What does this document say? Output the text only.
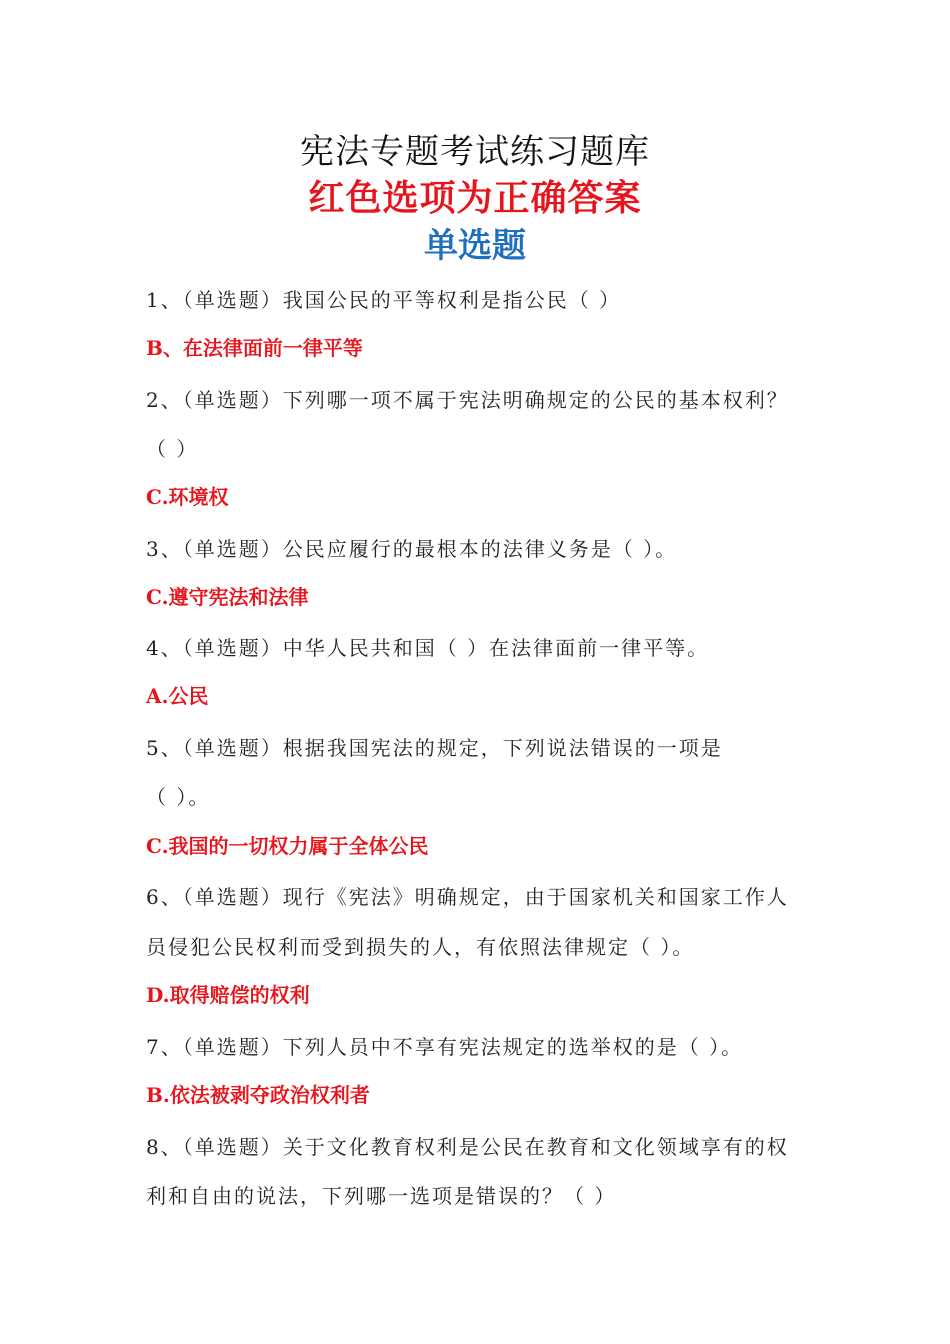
宪法专题考试练习题库
红色选项为正确答案
单选题
1、（单选题）我国公民的平等权利是指公民（ ）
B、在法律面前一律平等
2、（单选题）下列哪一项不属于宪法明确规定的公民的基本权利？
（ ）
C.环境权
3、（单选题）公民应履行的最根本的法律义务是（ ）。
C.遵守宪法和法律
4、（单选题）中华人民共和国（ ）在法律面前一律平等。
A.公民
5、（单选题）根据我国宪法的规定，下列说法错误的一项是
（ ）。
C.我国的一切权力属于全体公民
6、（单选题）现行《宪法》明确规定，由于国家机关和国家工作人
员侵犯公民权利而受到损失的人，有依照法律规定（ ）。
D.取得赔偿的权利
7、（单选题）下列人员中不享有宪法规定的选举权的是（ ）。
B.依法被剥夺政治权利者
8、（单选题）关于文化教育权利是公民在教育和文化领域享有的权
利和自由的说法，下列哪一选项是错误的？（ ）
